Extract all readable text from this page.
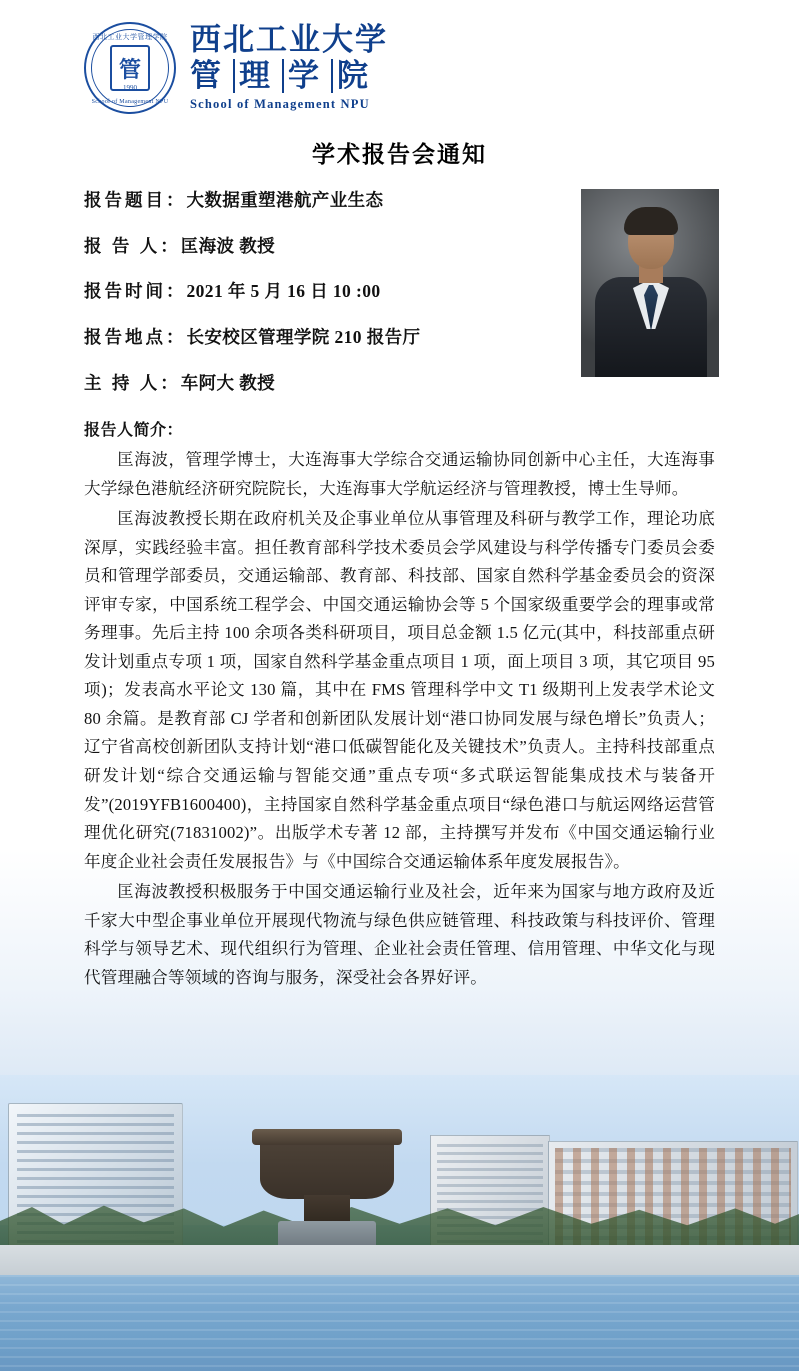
西北工业大学管理学院
管
1990
School of Management NPU
西北工业大学
管 理 学 院
School of Management NPU
学术报告会通知

报告题目：大数据重塑港航产业生态

报 告 人：匡海波 教授

报告时间：2021 年 5 月 16 日 10 :00

报告地点：长安校区管理学院 210 报告厅

主 持 人：车阿大 教授

报告人简介：

匡海波，管理学博士，大连海事大学综合交通运输协同创新中心主任，大连海事大学绿色港航经济研究院院长，大连海事大学航运经济与管理教授，博士生导师。

匡海波教授长期在政府机关及企事业单位从事管理及科研与教学工作，理论功底深厚，实践经验丰富。担任教育部科学技术委员会学风建设与科学传播专门委员会委员和管理学部委员，交通运输部、教育部、科技部、国家自然科学基金委员会的资深评审专家，中国系统工程学会、中国交通运输协会等 5 个国家级重要学会的理事或常务理事。先后主持 100 余项各类科研项目，项目总金额 1.5 亿元(其中，科技部重点研发计划重点专项 1 项，国家自然科学基金重点项目 1 项，面上项目 3 项，其它项目 95 项)；发表高水平论文 130 篇，其中在 FMS 管理科学中文 T1 级期刊上发表学术论文 80 余篇。是教育部 CJ 学者和创新团队发展计划“港口协同发展与绿色增长”负责人；辽宁省高校创新团队支持计划“港口低碳智能化及关键技术”负责人。主持科技部重点研发计划“综合交通运输与智能交通”重点专项“多式联运智能集成技术与装备开发”(2019YFB1600400)，主持国家自然科学基金重点项目“绿色港口与航运网络运营管理优化研究(71831002)”。出版学术专著 12 部，主持撰写并发布《中国交通运输行业年度企业社会责任发展报告》与《中国综合交通运输体系年度发展报告》。

匡海波教授积极服务于中国交通运输行业及社会，近年来为国家与地方政府及近千家大中型企事业单位开展现代物流与绿色供应链管理、科技政策与科技评价、管理科学与领导艺术、现代组织行为管理、企业社会责任管理、信用管理、中华文化与现代管理融合等领域的咨询与服务，深受社会各界好评。
